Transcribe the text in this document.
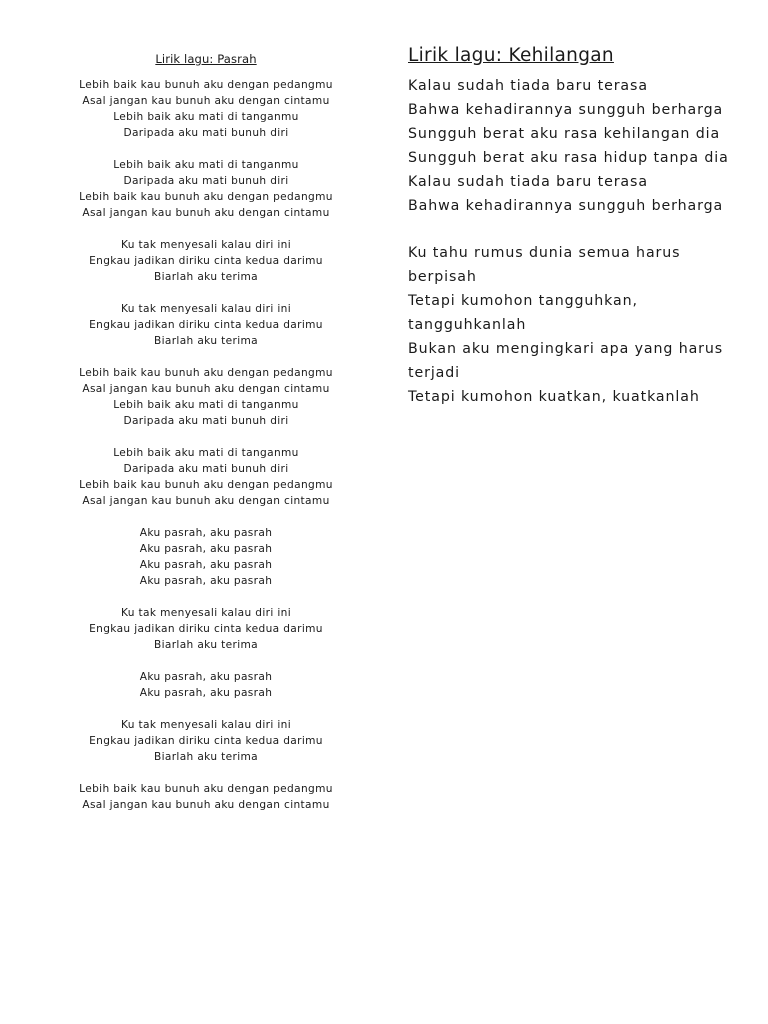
Lirik lagu: Pasrah
Lebih baik kau bunuh aku dengan pedangmu
Asal jangan kau bunuh aku dengan cintamu
Lebih baik aku mati di tanganmu
Daripada aku mati bunuh diri
Lebih baik aku mati di tanganmu
Daripada aku mati bunuh diri
Lebih baik kau bunuh aku dengan pedangmu
Asal jangan kau bunuh aku dengan cintamu
Ku tak menyesali kalau diri ini
Engkau jadikan diriku cinta kedua darimu
Biarlah aku terima
Ku tak menyesali kalau diri ini
Engkau jadikan diriku cinta kedua darimu
Biarlah aku terima
Lebih baik kau bunuh aku dengan pedangmu
Asal jangan kau bunuh aku dengan cintamu
Lebih baik aku mati di tanganmu
Daripada aku mati bunuh diri
Lebih baik aku mati di tanganmu
Daripada aku mati bunuh diri
Lebih baik kau bunuh aku dengan pedangmu
Asal jangan kau bunuh aku dengan cintamu
Aku pasrah, aku pasrah
Aku pasrah, aku pasrah
Aku pasrah, aku pasrah
Aku pasrah, aku pasrah
Ku tak menyesali kalau diri ini
Engkau jadikan diriku cinta kedua darimu
Biarlah aku terima
Aku pasrah, aku pasrah
Aku pasrah, aku pasrah
Ku tak menyesali kalau diri ini
Engkau jadikan diriku cinta kedua darimu
Biarlah aku terima
Lebih baik kau bunuh aku dengan pedangmu
Asal jangan kau bunuh aku dengan cintamu
Lirik lagu: Kehilangan
Kalau sudah tiada baru terasa
Bahwa kehadirannya sungguh berharga
Sungguh berat aku rasa kehilangan dia
Sungguh berat aku rasa hidup tanpa dia
Kalau sudah tiada baru terasa
Bahwa kehadirannya sungguh berharga
Ku tahu rumus dunia semua harus
berpisah
Tetapi kumohon tangguhkan,
tangguhkanlah
Bukan aku mengingkari apa yang harus
terjadi
Tetapi kumohon kuatkan, kuatkanlah
